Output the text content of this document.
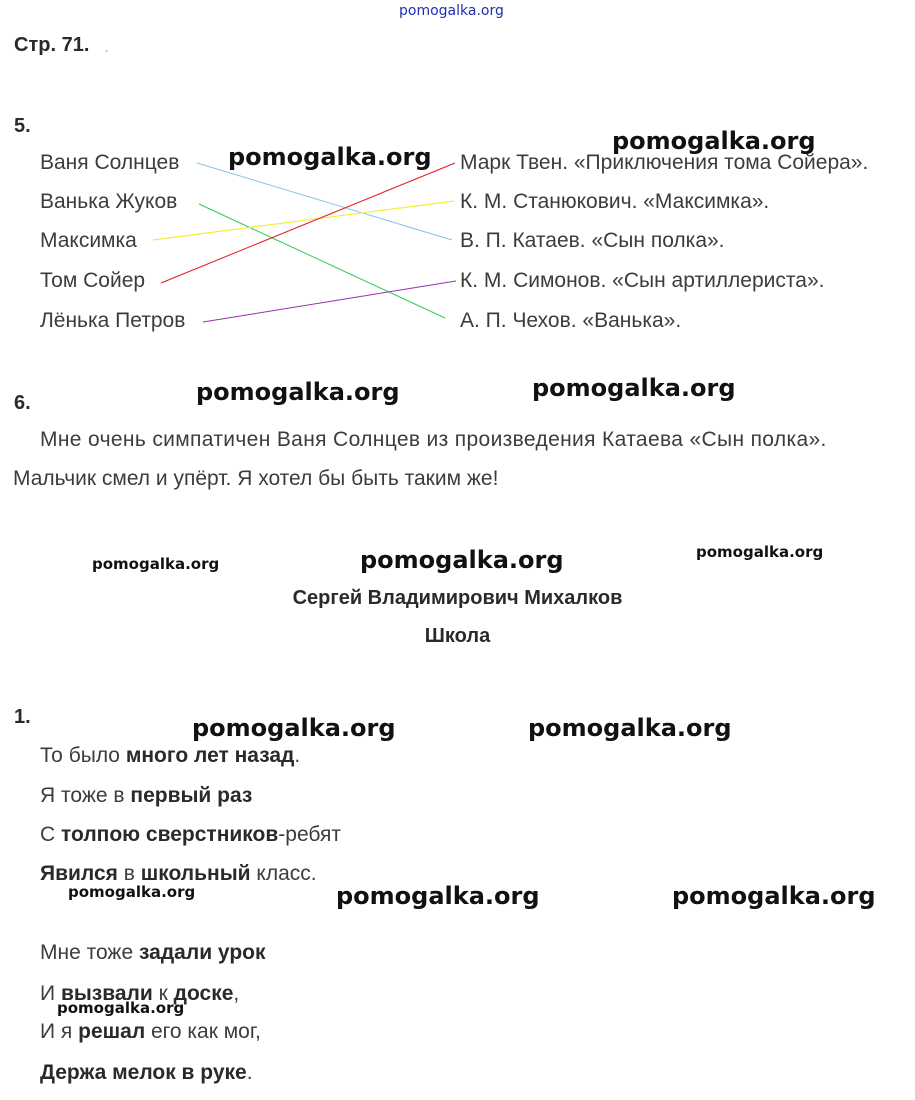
pomogalka.org
Стр. 71. .
5.
Ваня Солнцев
Ванька Жуков
Максимка
Том Сойер
Лёнька Петров
Марк Твен. «Приключения тома Сойера».
К. М. Станюкович. «Максимка».
В. П. Катаев. «Сын полка».
К. М. Симонов. «Сын артиллериста».
А. П. Чехов. «Ванька».
pomogalka.org
pomogalka.org
6.	pomogalka.org	pomogalka.org
Мне очень симпатичен Ваня Солнцев из произведения Катаева «Сын полка».
Мальчик смел и упёрт. Я хотел бы быть таким же!
pomogalka.org	pomogalka.org	pomogalka.org
Сергей Владимирович Михалков
Школа
1.	pomogalka.org	pomogalka.org
То было много лет назад.
Я тоже в первый раз
С толпою сверстников-ребят
Явился в школьный класс.
pomogalka.org	pomogalka.org	pomogalka.org
Мне тоже задали урок
И вызвали к доске,
pomogalka.org
И я решал его как мог,
Держа мелок в руке.
